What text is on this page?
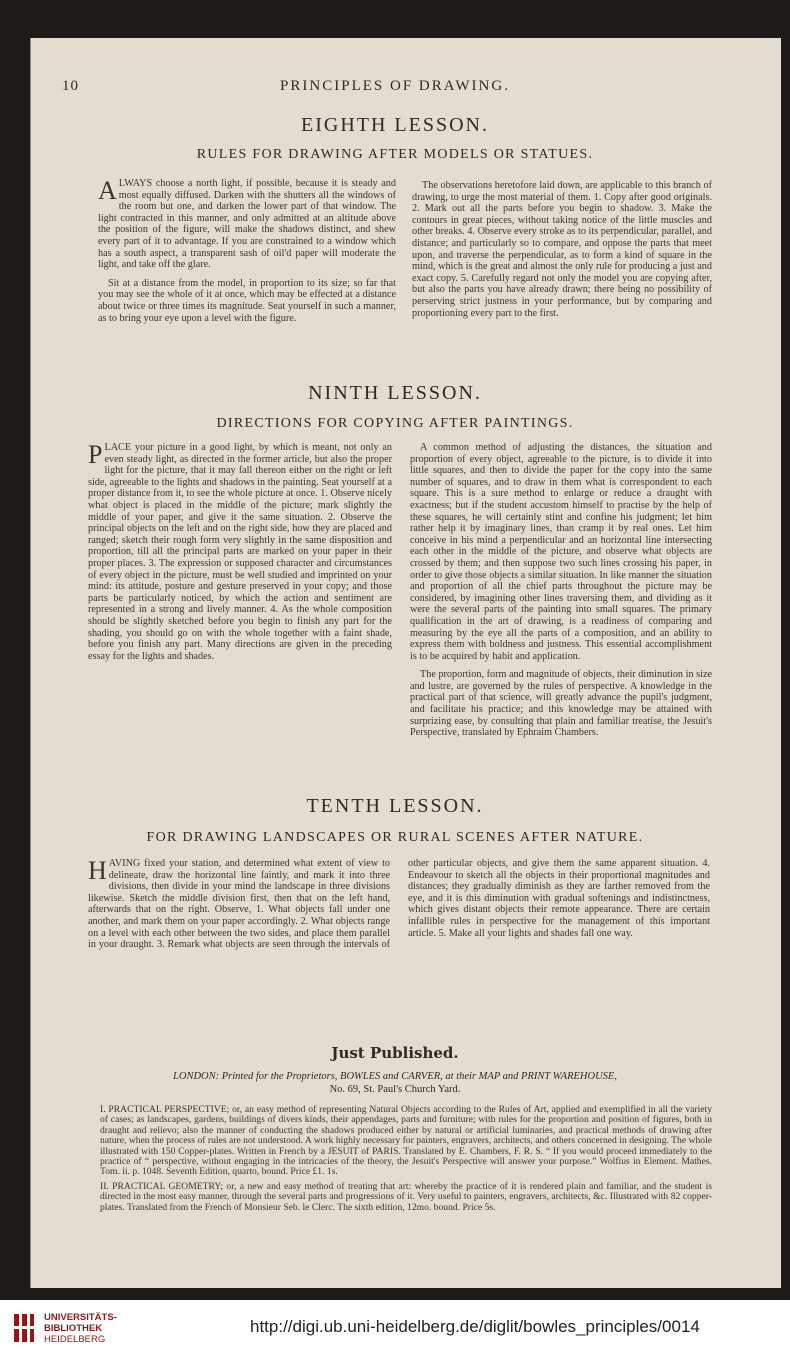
10	PRINCIPLES OF DRAWING.
EIGHTH LESSON.
RULES FOR DRAWING AFTER MODELS OR STATUES.

ALWAYS choose a north light, if possible, because it is steady and most equally diffused. Darken with the shutters all the windows of the room but one, and darken the lower part of that window. The light contracted in this manner, and only admitted at an altitude above the position of the figure, will make the shadows distinct, and shew every part of it to advantage. If you are constrained to a window which has a south aspect, a transparent sash of oil'd paper will moderate the light, and take off the glare.

Sit at a distance from the model, in proportion to its size; so far that you may see the whole of it at once, which may be effected at a distance about twice or three times its magnitude. Seat yourself in such a manner, as to bring your eye upon a level with the figure.

The observations heretofore laid down, are applicable to this branch of drawing, to urge the most material of them. 1. Copy after good originals. 2. Mark out all the parts before you begin to shadow. 3. Make the contours in great pieces, without taking notice of the little muscles and other breaks. 4. Observe every stroke as to its perpendicular, parallel, and distance; and particularly so to compare, and oppose the parts that meet upon, and traverse the perpendicular, as to form a kind of square in the mind, which is the great and almost the only rule for producing a just and exact copy. 5. Carefully regard not only the model you are copying after, but also the parts you have already drawn; there being no possibility of perserving strict justness in your performance, but by comparing and proportioning every part to the first.

NINTH LESSON.
DIRECTIONS FOR COPYING AFTER PAINTINGS.

PLACE your picture in a good light, by which is meant, not only an even steady light, as directed in the former article, but also the proper light for the picture, that it may fall thereon either on the right or left side, agreeable to the lights and shadows in the painting. Seat yourself at a proper distance from it, to see the whole picture at once. 1. Observe nicely what object is placed in the middle of the picture; mark slightly the middle of your paper, and give it the same situation. 2. Observe the principal objects on the left and on the right side, how they are placed and ranged; sketch their rough form very slightly in the same disposition and proportion, till all the principal parts are marked on your paper in their proper places. 3. The expression or supposed character and circumstances of every object in the picture, must be well studied and imprinted on your mind: its attitude, posture and gesture preserved in your copy; and those parts be particularly noticed, by which the action and sentiment are represented in a strong and lively manner. 4. As the whole composition should be slightly sketched before you begin to finish any part for the shading, you should go on with the whole together with a faint shade, before you finish any part. Many directions are given in the preceding essay for the lights and shades.

A common method of adjusting the distances, the situation and proportion of every object, agreeable to the picture, is to divide it into little squares, and then to divide the paper for the copy into the same number of squares, and to draw in them what is correspondent to each square. This is a sure method to enlarge or reduce a draught with exactness; but if the student accustom himself to practise by the help of these squares, he will certainly stint and confine his judgment; let him rather help it by imaginary lines, than cramp it by real ones. Let him conceive in his mind a perpendicular and an horizontal line intersecting each other in the middle of the picture, and observe what objects are crossed by them; and then suppose two such lines crossing his paper, in order to give those objects a similar situation. In like manner the situation and proportion of all the chief parts throughout the picture may be considered, by imagining other lines traversing them, and dividing as it were the several parts of the painting into small squares. The primary qualification in the art of drawing, is a readiness of comparing and measuring by the eye all the parts of a composition, and an ability to express them with boldness and justness. This essential accomplishment is to be acquired by habit and application.

The proportion, form and magnitude of objects, their diminution in size and lustre, are governed by the rules of perspective. A knowledge in the practical part of that science, will greatly advance the pupil's judgment, and facilitate his practice; and this knowledge may be attained with surprizing ease, by consulting that plain and familiar treatise, the Jesuit's Perspective, translated by Ephraim Chambers.

TENTH LESSON.
FOR DRAWING LANDSCAPES OR RURAL SCENES AFTER NATURE.

HAVING fixed your station, and determined what extent of view to delineate, draw the horizontal line faintly, and mark it into three divisions, then divide in your mind the landscape in three divisions likewise. Sketch the middle division first, then that on the left hand, afterwards that on the right. Observe, 1. What objects fall under one another, and mark them on your paper accordingly. 2. What objects range on a level with each other between the two sides, and place them parallel in your draught. 3. Remark what objects are seen through the intervals of other particular objects, and give them the same apparent situation. 4. Endeavour to sketch all the objects in their proportional magnitudes and distances; they gradually diminish as they are farther removed from the eye, and it is this diminution with gradual softenings and indistinctness, which gives distant objects their remote appearance. There are certain infallible rules in perspective for the management of this important article. 5. Make all your lights and shades fall one way.

Just Published.
LONDON: Printed for the Proprietors, BOWLES and CARVER, at their MAP and PRINT WAREHOUSE,
No. 69, St. Paul's Church Yard.
I. PRACTICAL PERSPECTIVE; or, an easy method of representing Natural Objects according to the Rules of Art, applied and exemplified in all the variety of cases; as landscapes, gardens, buildings of divers kinds, their appendages, parts and furniture; with rules for the proportion and position of figures, both in draught and relievo; also the manner of conducting the shadows produced either by natural or artificial luminaries, and practical methods of drawing after nature, when the process of rules are not understood. A work highly necessary for painters, engravers, architects, and others concerned in designing. The whole illustrated with 150 Copper-plates. Written in French by a JESUIT of PARIS. Translated by E. Chambers, F. R. S. “ If you would proceed immediately to the practice of “ perspective, without engaging in the intricacies of the theory, the Jesuit's Perspective will answer your purpose.” Wolfius in Element. Mathes. Tom. ii. p. 1048. Seventh Edition, quarto, bound. Price £1. 1s.
II. PRACTICAL GEOMETRY; or, a new and easy method of treating that art: whereby the practice of it is rendered plain and familiar, and the student is directed in the most easy manner, through the several parts and progressions of it. Very useful to painters, engravers, architects, &c. Illustrated with 82 copper-plates. Translated from the French of Monsieur Seb. le Clerc. The sixth edition, 12mo. bound. Price 5s.
UNIVERSITÄTS-
BIBLIOTHEK
HEIDELBERG
http://digi.ub.uni-heidelberg.de/diglit/bowles_principles/0014
